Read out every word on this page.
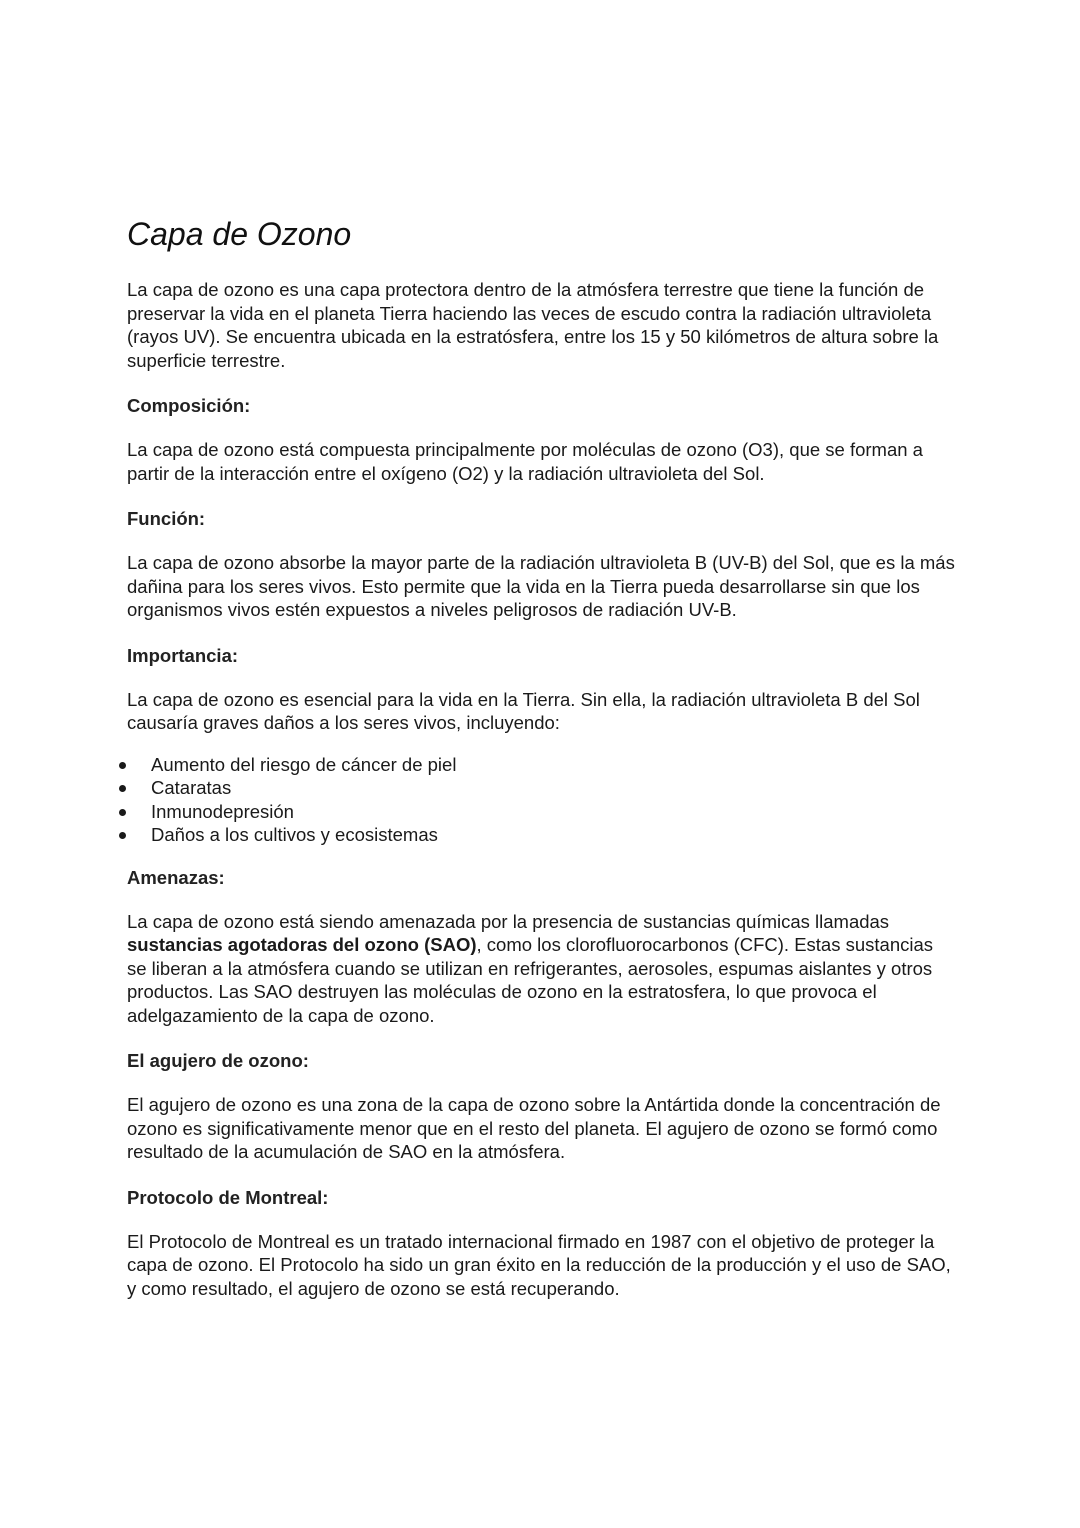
Capa de Ozono

La capa de ozono es una capa protectora dentro de la atmósfera terrestre que tiene la función de preservar la vida en el planeta Tierra haciendo las veces de escudo contra la radiación ultravioleta (rayos UV). Se encuentra ubicada en la estratósfera, entre los 15 y 50 kilómetros de altura sobre la superficie terrestre.

Composición:

La capa de ozono está compuesta principalmente por moléculas de ozono (O3), que se forman a partir de la interacción entre el oxígeno (O2) y la radiación ultravioleta del Sol.

Función:

La capa de ozono absorbe la mayor parte de la radiación ultravioleta B (UV-B) del Sol, que es la más dañina para los seres vivos. Esto permite que la vida en la Tierra pueda desarrollarse sin que los organismos vivos estén expuestos a niveles peligrosos de radiación UV-B.

Importancia:

La capa de ozono es esencial para la vida en la Tierra. Sin ella, la radiación ultravioleta B del Sol causaría graves daños a los seres vivos, incluyendo:

Aumento del riesgo de cáncer de piel
Cataratas
Inmunodepresión
Daños a los cultivos y ecosistemas
Amenazas:

La capa de ozono está siendo amenazada por la presencia de sustancias químicas llamadas sustancias agotadoras del ozono (SAO), como los clorofluorocarbonos (CFC). Estas sustancias se liberan a la atmósfera cuando se utilizan en refrigerantes, aerosoles, espumas aislantes y otros productos. Las SAO destruyen las moléculas de ozono en la estratosfera, lo que provoca el adelgazamiento de la capa de ozono.

El agujero de ozono:

El agujero de ozono es una zona de la capa de ozono sobre la Antártida donde la concentración de ozono es significativamente menor que en el resto del planeta. El agujero de ozono se formó como resultado de la acumulación de SAO en la atmósfera.

Protocolo de Montreal:

El Protocolo de Montreal es un tratado internacional firmado en 1987 con el objetivo de proteger la capa de ozono. El Protocolo ha sido un gran éxito en la reducción de la producción y el uso de SAO, y como resultado, el agujero de ozono se está recuperando.
